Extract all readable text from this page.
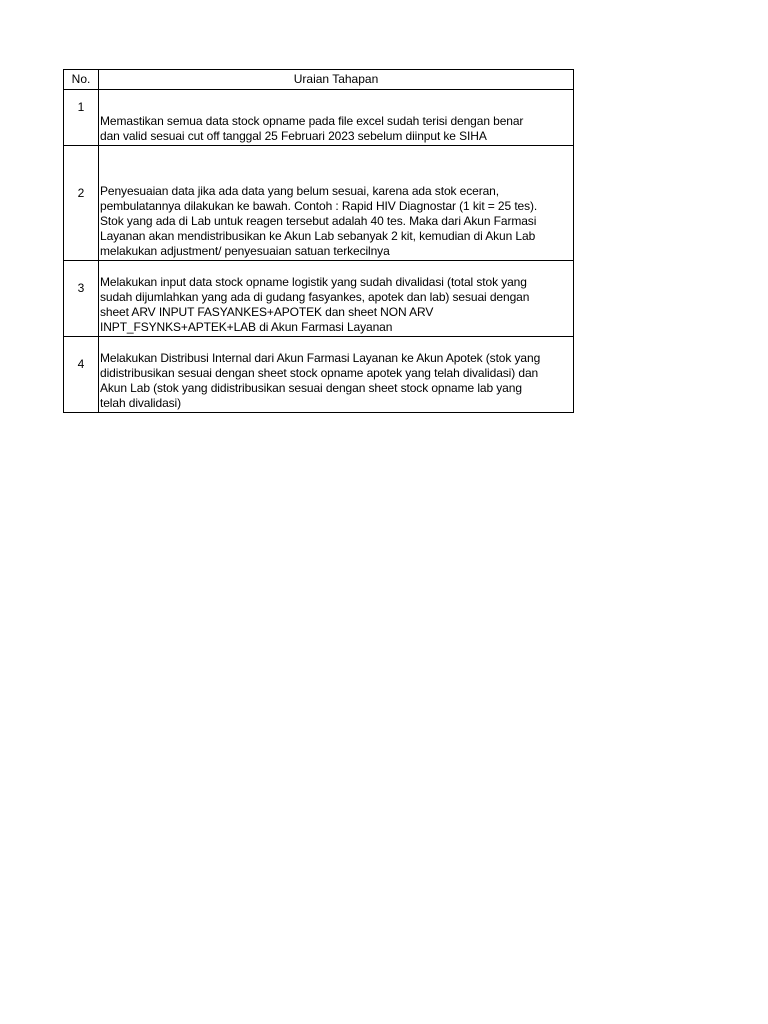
No.	Uraian Tahapan
1	Memastikan semua data stock opname pada file excel sudah terisi dengan benar
dan valid sesuai cut off tanggal 25 Februari 2023 sebelum diinput ke SIHA
2	Penyesuaian data jika ada data yang belum sesuai, karena ada stok eceran,
pembulatannya dilakukan ke bawah. Contoh : Rapid HIV Diagnostar (1 kit = 25 tes).
Stok yang ada di Lab untuk reagen tersebut adalah 40 tes. Maka dari Akun Farmasi
Layanan akan mendistribusikan ke Akun Lab sebanyak 2 kit, kemudian di Akun Lab
melakukan adjustment/ penyesuaian satuan terkecilnya
3	Melakukan input data stock opname logistik yang sudah divalidasi (total stok yang
sudah dijumlahkan yang ada di gudang fasyankes, apotek dan lab) sesuai dengan
sheet ARV INPUT FASYANKES+APOTEK dan sheet NON ARV
INPT_FSYNKS+APTEK+LAB di Akun Farmasi Layanan
4	Melakukan Distribusi Internal dari Akun Farmasi Layanan ke Akun Apotek (stok yang
didistribusikan sesuai dengan sheet stock opname apotek yang telah divalidasi) dan
Akun Lab (stok yang didistribusikan sesuai dengan sheet stock opname lab yang
telah divalidasi)
